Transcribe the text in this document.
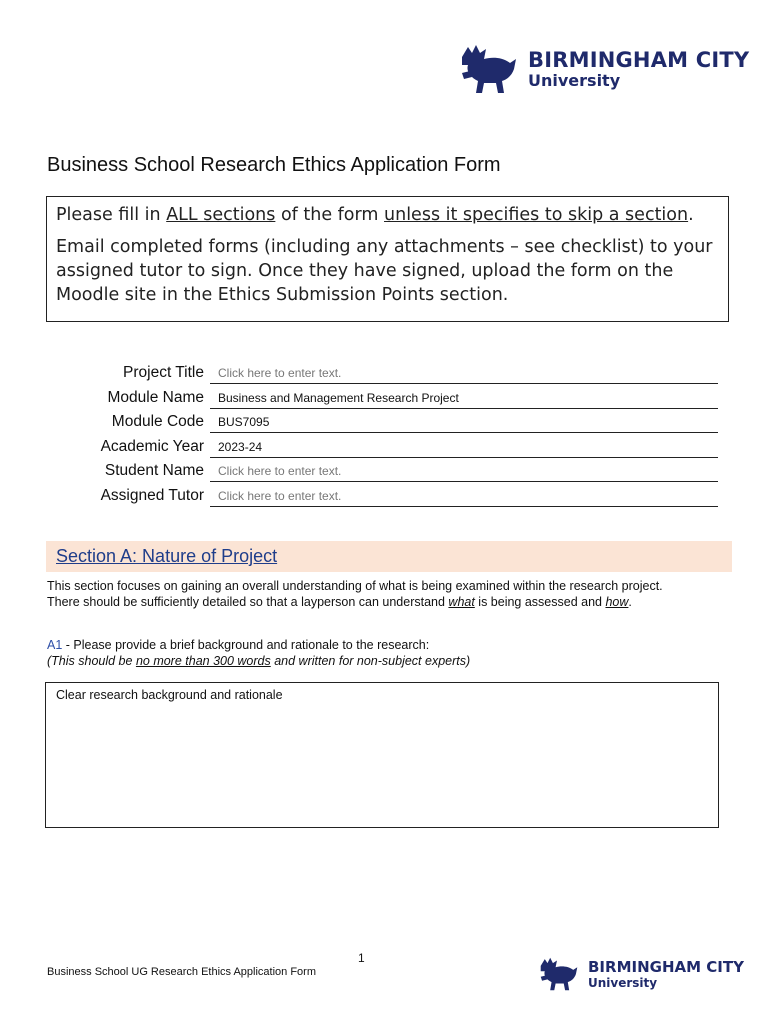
BIRMINGHAM CITY
University
Business School Research Ethics Application Form

Please fill in ALL sections of the form unless it specifies to skip a section.

Email completed forms (including any attachments – see checklist) to your assigned tutor to sign. Once they have signed, upload the form on the Moodle site in the Ethics Submission Points section.

Project Title	Click here to enter text.
Module Name	Business and Management Research Project
Module Code	BUS7095
Academic Year	2023-24
Student Name	Click here to enter text.
Assigned Tutor	Click here to enter text.
Section A: Nature of Project

This section focuses on gaining an overall understanding of what is being examined within the research project.

There should be sufficiently detailed so that a layperson can understand what is being assessed and how.

A1 - Please provide a brief background and rationale to the research:
(This should be no more than 300 words and written for non-subject experts)
Clear research background and rationale
1
Business School UG Research Ethics Application Form	BIRMINGHAM CITY
University
